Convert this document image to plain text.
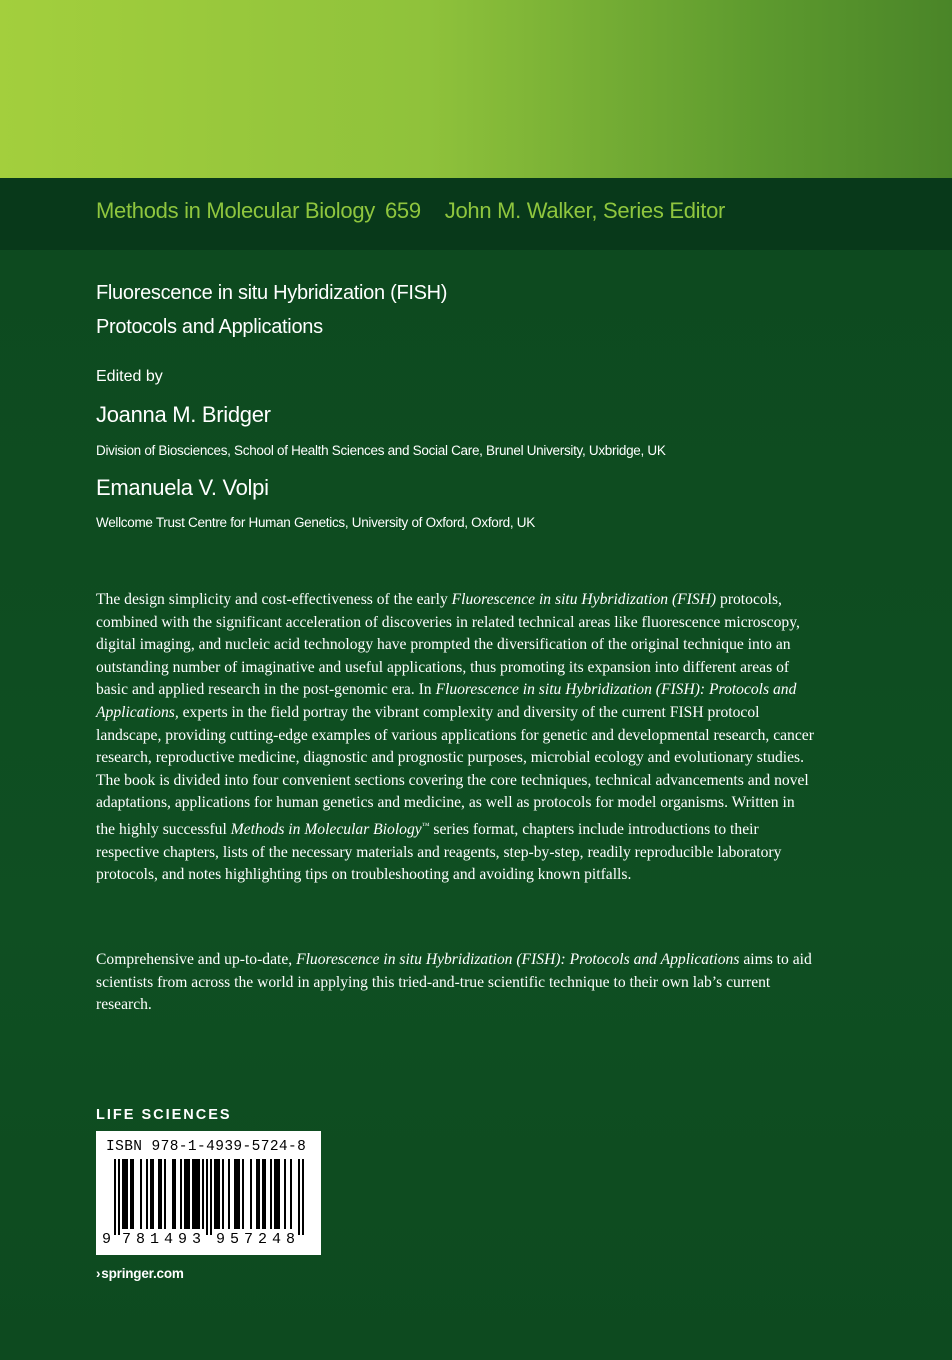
Methods in Molecular Biology 659 John M. Walker, Series Editor
Fluorescence in situ Hybridization (FISH)
Protocols and Applications
Edited by
Joanna M. Bridger
Division of Biosciences, School of Health Sciences and Social Care, Brunel University, Uxbridge, UK
Emanuela V. Volpi
Wellcome Trust Centre for Human Genetics, University of Oxford, Oxford, UK

The design simplicity and cost-effectiveness of the early Fluorescence in situ Hybridization (FISH) protocols, combined with the significant acceleration of discoveries in related technical areas like fluorescence microscopy, digital imaging, and nucleic acid technology have prompted the diversification of the original technique into an outstanding number of imaginative and useful applications, thus promoting its expansion into different areas of basic and applied research in the post-genomic era. In Fluorescence in situ Hybridization (FISH): Protocols and Applications, experts in the field portray the vibrant complexity and diversity of the current FISH protocol landscape, providing cutting-edge examples of various applications for genetic and developmental research, cancer research, reproductive medicine, diagnostic and prognostic purposes, microbial ecology and evolutionary studies. The book is divided into four convenient sections covering the core techniques, technical advancements and novel adaptations, applications for human genetics and medicine, as well as protocols for model organisms. Written in the highly successful Methods in Molecular Biology™ series format, chapters include introductions to their respective chapters, lists of the necessary materials and reagents, step-by-step, readily reproducible laboratory protocols, and notes highlighting tips on troubleshooting and avoiding known pitfalls.

Comprehensive and up-to-date, Fluorescence in situ Hybridization (FISH): Protocols and Applications aims to aid scientists from across the world in applying this tried-and-true scientific technique to their own lab’s current research.

LIFE SCIENCES
ISBN 978-1-4939-5724-8
9 7 8 1 4 9 3 9 5 7 2 4 8
›springer.com
